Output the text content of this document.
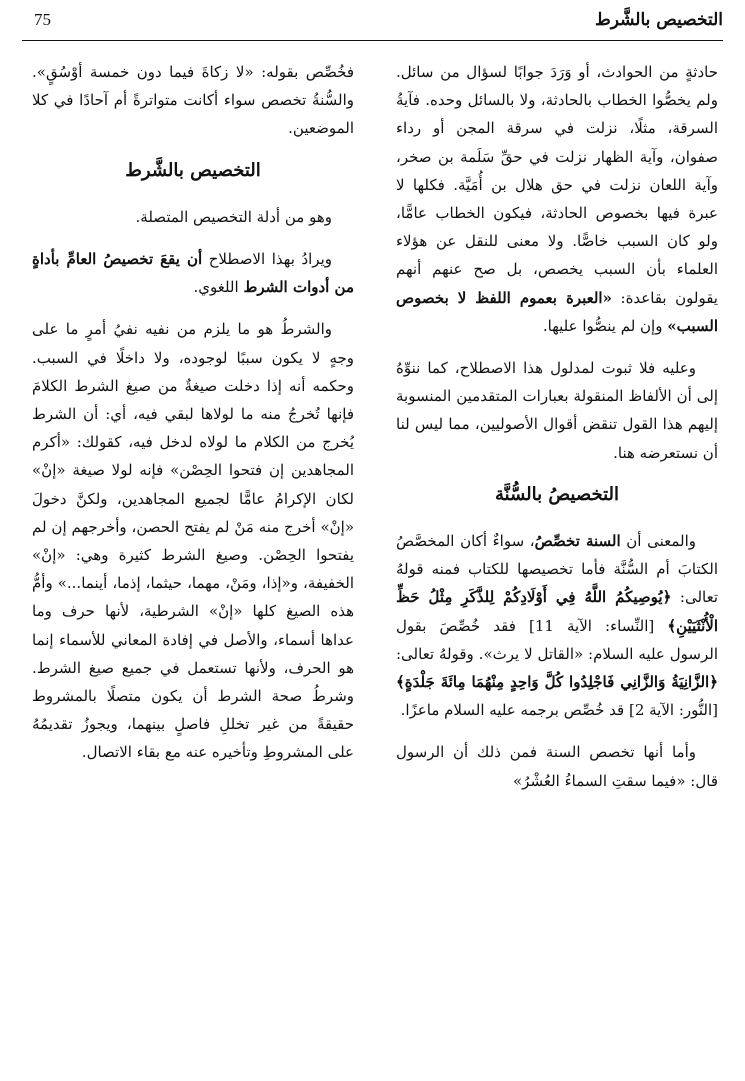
75	التخصيص بالشَّرط

حادثةٍ من الحوادث، أو وَرَدَ جوابًا لسؤال من سائل. ولم يخصُّوا الخطاب بالحادثة، ولا بالسائل وحده. فآيةُ السرقة، مثلًا، نزلت في سرقة المجن أو رداء صفوان، وآية الظهار نزلت في حقِّ سَلَمة بن صخر، وآية اللعان نزلت في حق هلال بن أُمَيَّة. فكلها لا عبرة فيها بخصوص الحادثة، فيكون الخطاب عامًّا، ولو كان السبب خاصًّا. ولا معنى للنقل عن هؤلاء العلماء بأن السبب يخصص، بل صح عنهم أنهم يقولون بقاعدة: «العبرة بعموم اللفظ لا بخصوص السبب» وإن لم ينصُّوا عليها.

وعليه فلا ثبوت لمدلول هذا الاصطلاح، كما ننوِّهُ إلى أن الألفاظ المنقولة بعبارات المتقدمين المنسوبة إليهم هذا القول تنقض أقوال الأصوليين، مما ليس لنا أن نستعرضه هنا.

التخصيصُ بالسُّنَّة

والمعنى أن السنة تخصِّصُ، سواءٌ أكان المخصَّصُ الكتابَ أم السُّنَّة فأما تخصيصها للكتاب فمنه قولهُ تعالى: ﴿يُوصِيكُمُ اللَّهُ فِي أَوْلَادِكُمْ لِلذَّكَرِ مِثْلُ حَظِّ الْأُنْثَيَيْنِ﴾ [النِّساء: الآية 11] فقد خُصِّصَ بقول الرسول عليه السلام: «القاتل لا يرث». وقولهُ تعالى: ﴿الزَّانِيَةُ وَالزَّانِي فَاجْلِدُوا كُلَّ وَاحِدٍ مِنْهُمَا مِائَةَ جَلْدَةٍ﴾ [النُّور: الآية 2] قد خُصِّص برجمه عليه السلام ماعزًا.

وأما أنها تخصص السنة فمن ذلك أن الرسول قال: «فيما سقتِ السماءُ العُشْرُ»

فخُصِّص بقوله: «لا زكاةَ فيما دون خمسة أوْسُقٍ». والسُّنةُ تخصص سواء أكانت متواترةً أم آحادًا في كلا الموضعين.

التخصيص بالشَّرط

وهو من أدلة التخصيص المتصلة.

ويرادُ بهذا الاصطلاح أن يقعَ تخصيصُ العامِّ بأداةٍ من أدوات الشرط اللغوي.

والشرطُ هو ما يلزم من نفيه نفيُ أمرٍ ما على وجهٍ لا يكون سببًا لوجوده، ولا داخلًا في السبب. وحكمه أنه إذا دخلت صيغةٌ من صيغ الشرط الكلامَ فإنها تُخرجُ منه ما لولاها لبقي فيه، أي: أن الشرط يُخرج من الكلام ما لولاه لدخل فيه، كقولك: «أكرم المجاهدين إن فتحوا الحِصْن» فإنه لولا صيغة «إنْ» لكان الإكرامُ عامًّا لجميع المجاهدين، ولكنَّ دخولَ «إنْ» أخرج منه مَنْ لم يفتح الحصن، وأخرجهم إن لم يفتحوا الحِصْن. وصيغ الشرط كثيرة وهي: «إنْ» الخفيفة، و«إذا، ومَنْ، مهما، حيثما، إذما، أينما...» وأمُّ هذه الصيغ كلها «إنْ» الشرطية، لأنها حرف وما عداها أسماء، والأصل في إفادة المعاني للأسماء إنما هو الحرف، ولأنها تستعمل في جميع صيغ الشرط. وشرطُ صحة الشرط أن يكون متصلًا بالمشروط حقيقةً من غير تخللِ فاصلٍ بينهما، ويجوزُ تقديمُهُ على المشروطِ وتأخيره عنه مع بقاء الاتصال.
